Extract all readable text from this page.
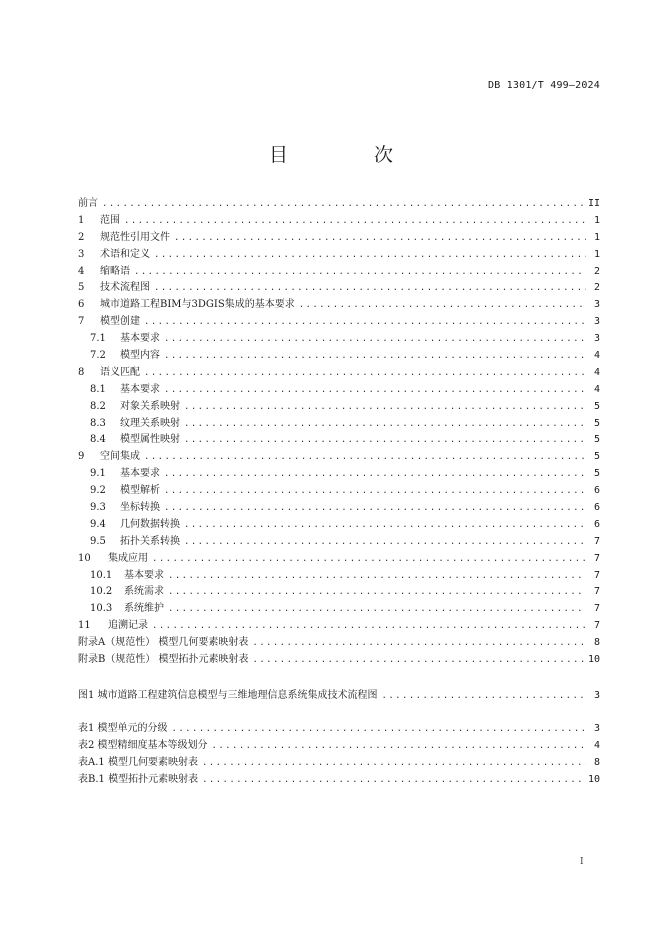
DB 1301/T 499—2024
目 次
前言 .....	II
1	范围 .....	1
2	规范性引用文件 .....	1
3	术语和定义 .....	1
4	缩略语 .....	2
5	技术流程图 .....	2
6	城市道路工程BIM与3DGIS集成的基本要求 .....	3
7	模型创建 .....	3
7.1	基本要求 .....	3
7.2	模型内容 .....	4
8	语义匹配 .....	4
8.1	基本要求 .....	4
8.2	对象关系映射 .....	5
8.3	纹理关系映射 .....	5
8.4	模型属性映射 .....	5
9	空间集成 .....	5
9.1	基本要求 .....	5
9.2	模型解析 .....	6
9.3	坐标转换 .....	6
9.4	几何数据转换 .....	6
9.5	拓扑关系转换 .....	7
10	集成应用 .....	7
10.1	基本要求 .....	7
10.2	系统需求 .....	7
10.3	系统维护 .....	7
11	追溯记录 .....	7
附录A（规范性） 模型几何要素映射表 .....	8
附录B（规范性） 模型拓扑元素映射表 .....	10
图1 城市道路工程建筑信息模型与三维地理信息系统集成技术流程图 .....	3
表1 模型单元的分级 .....	3
表2 模型精细度基本等级划分 .....	4
表A.1 模型几何要素映射表 .....	8
表B.1 模型拓扑元素映射表 .....	10
I
